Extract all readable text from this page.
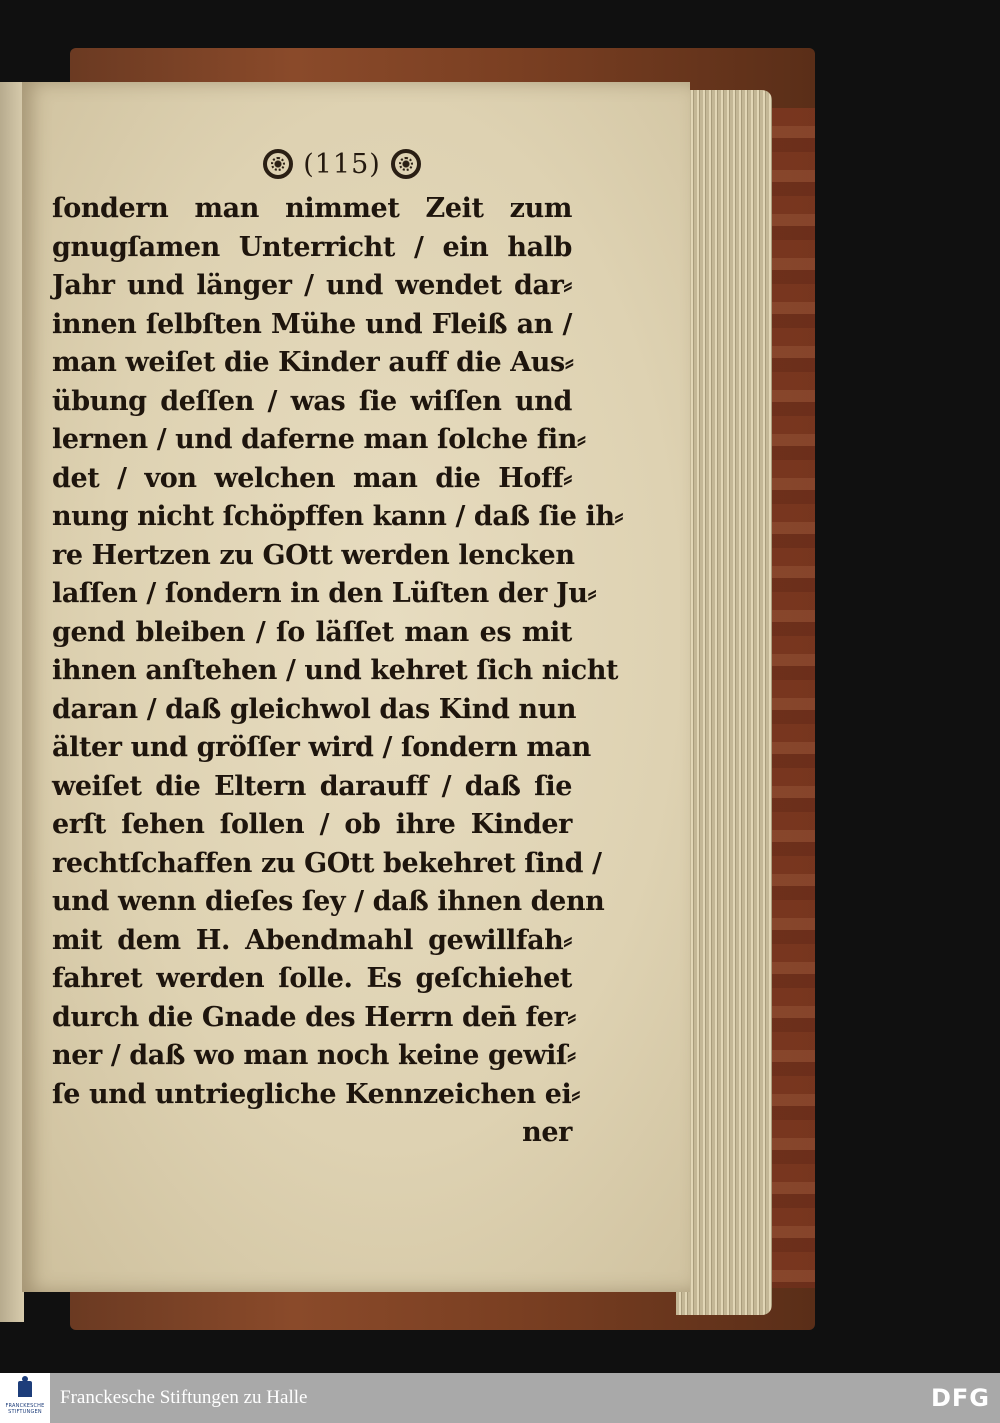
(115)
ſondern man nimmet Zeit zum
gnugſamen Unterricht / ein halb
Jahr und länger / und wendet dar⸗
innen ſelbſten Mühe und Fleiß an /
man weiſet die Kinder auff die Aus⸗
übung deſſen / was ſie wiſſen und
lernen / und daferne man ſolche fin⸗
det / von welchen man die Hoff⸗
nung nicht ſchöpffen kann / daß ſie ih⸗
re Hertzen zu GOtt werden lencken
laſſen / ſondern in den Lüſten der Ju⸗
gend bleiben / ſo läſſet man es mit
ihnen anſtehen / und kehret ſich nicht
daran / daß gleichwol das Kind nun
älter und gröſſer wird / ſondern man
weiſet die Eltern darauff / daß ſie
erſt ſehen ſollen / ob ihre Kinder
rechtſchaffen zu GOtt bekehret ſind /
und wenn dieſes ſey / daß ihnen denn
mit dem H. Abendmahl gewillfah⸗
fahret werden ſolle. Es geſchiehet
durch die Gnade des Herrn den̄ fer⸗
ner / daß wo man noch keine gewiſ⸗
ſe und untriegliche Kennzeichen ei⸗
ner
FRANCKESCHE STIFTUNGEN
Franckesche Stiftungen zu Halle	DFG
